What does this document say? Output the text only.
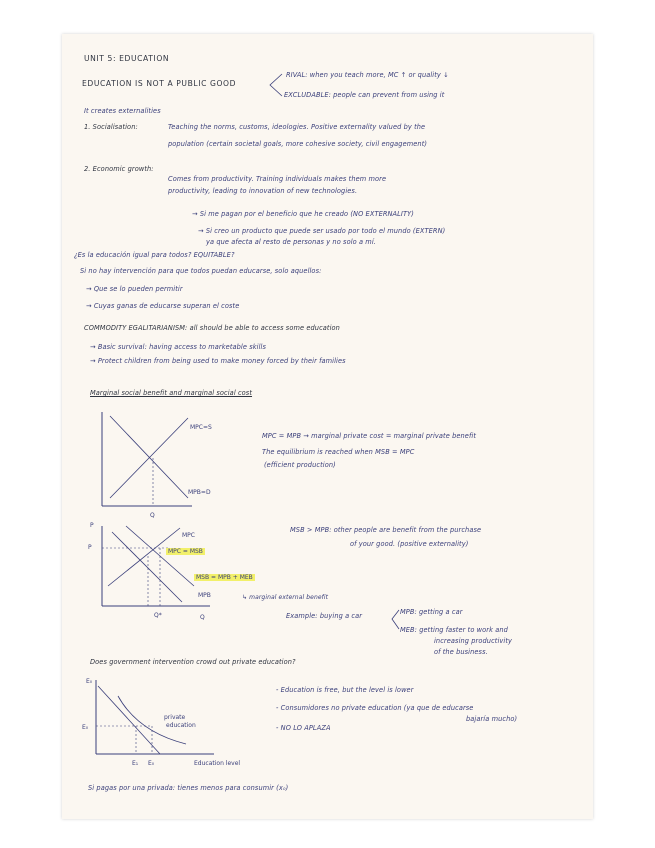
UNIT 5: EDUCATION
EDUCATION IS NOT A PUBLIC GOOD
RIVAL: when you teach more, MC ↑ or quality ↓
EXCLUDABLE: people can prevent from using it
It creates externalities
1. Socialisation:	Teaching the norms, customs, ideologies. Positive externality valued by the
population (certain societal goals, more cohesive society, civil engagement)
2. Economic growth:
Comes from productivity. Training individuals makes them more
productivity, leading to innovation of new technologies.
→ Si me pagan por el beneficio que he creado (NO EXTERNALITY)
→ Si creo un producto que puede ser usado por todo el mundo (EXTERN)
ya que afecta al resto de personas y no solo a mí.
¿Es la educación igual para todos? EQUITABLE?
Si no hay intervención para que todos puedan educarse, solo aquellos:
→ Que se lo pueden permitir
→ Cuyas ganas de educarse superan el coste
COMMODITY EGALITARIANISM: all should be able to access some education
→ Basic survival: having access to marketable skills
→ Protect children from being used to make money forced by their families
Marginal social benefit and marginal social cost
MPC=S
MPB=D
Q
MPC = MPB → marginal private cost = marginal private benefit
The equilibrium is reached when MSB = MPC
(efficient production)
P
P
MPC
MPC = MSB
MSB = MPB + MEB
MPB
Q*	Q
↳ marginal external benefit
MSB > MPB: other people are benefit from the purchase
of your good. (positive externality)
Example: buying a car	MPB: getting a car
MEB: getting faster to work and
increasing productivity
of the business.
Does government intervention crowd out private education?
E₀
E₀
private
education
E₁ E₀	Education level
- Education is free, but the level is lower
- Consumidores no private education (ya que de educarse
bajaría mucho)
- NO LO APLAZA
Si pagas por una privada: tienes menos para consumir (x₀)
